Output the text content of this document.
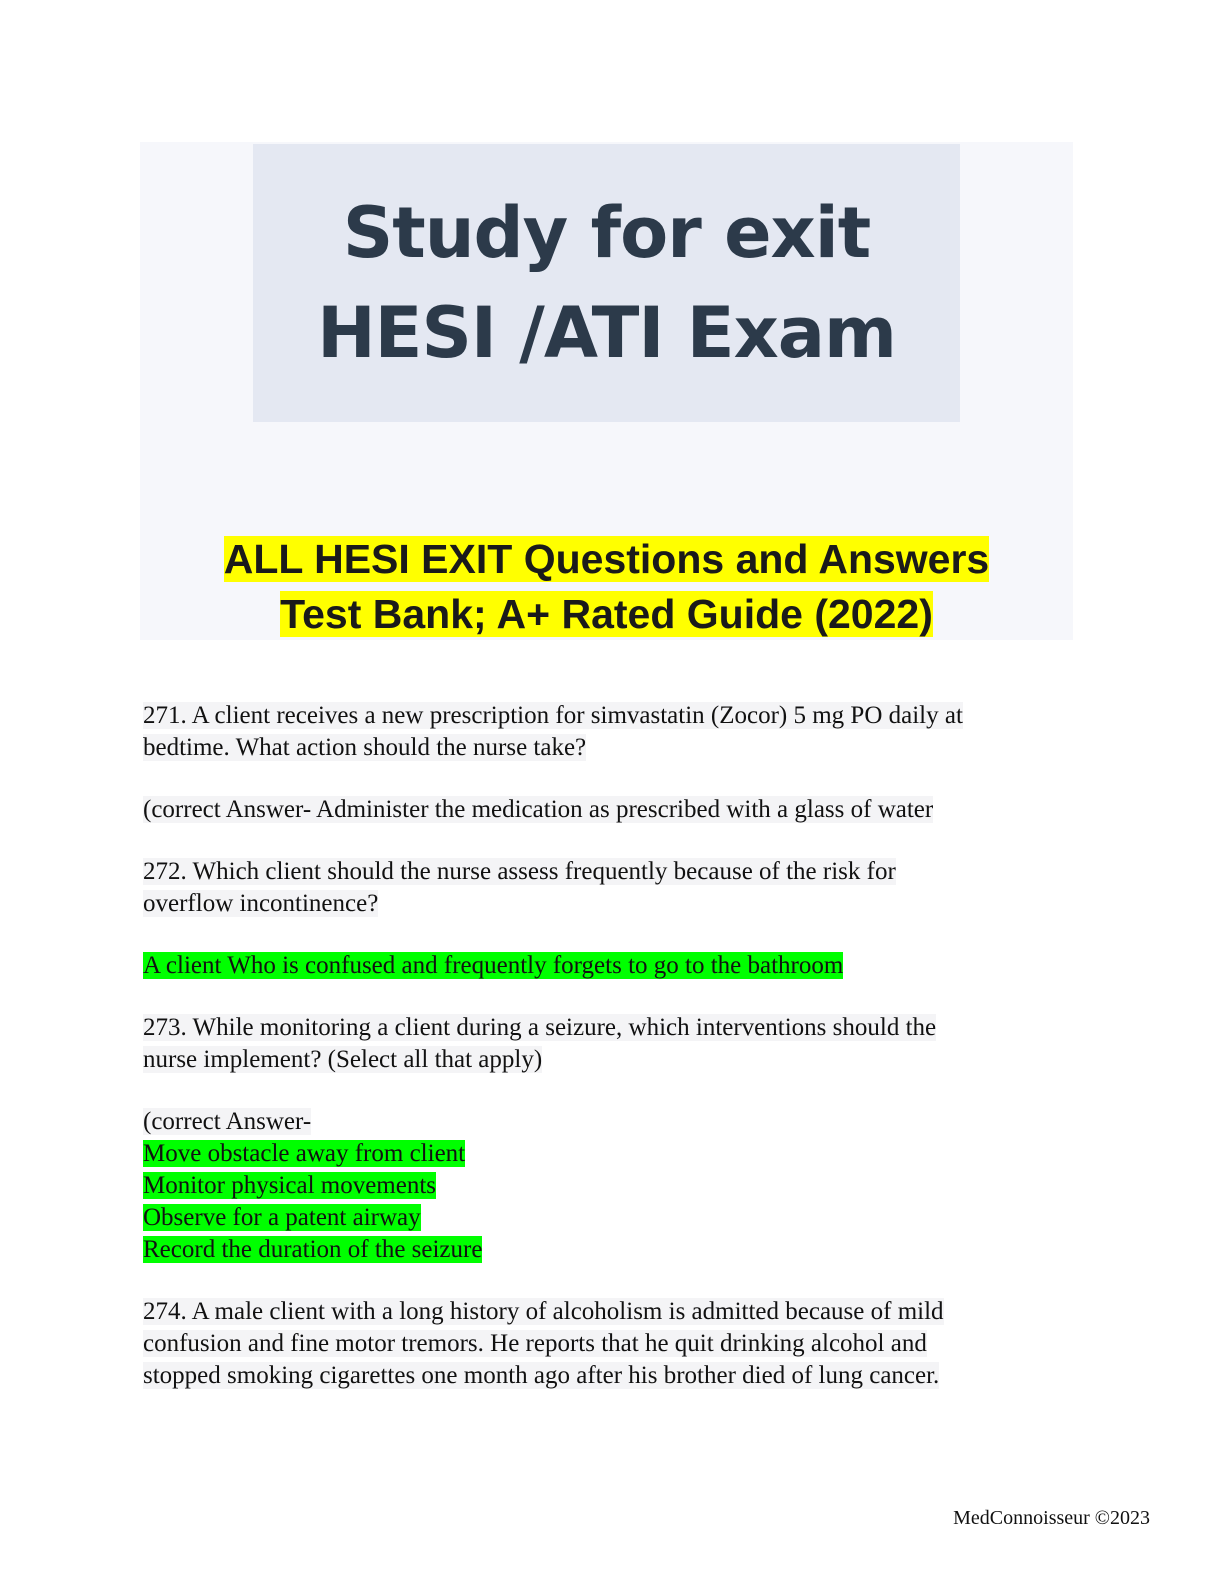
Study for exit
HESI /ATI Exam
ALL HESI EXIT Questions and Answers
Test Bank; A+ Rated Guide (2022)
271. A client receives a new prescription for simvastatin (Zocor) 5 mg PO daily at
bedtime. What action should the nurse take?
(correct Answer- Administer the medication as prescribed with a glass of water
272. Which client should the nurse assess frequently because of the risk for
overflow incontinence?
A client Who is confused and frequently forgets to go to the bathroom
273. While monitoring a client during a seizure, which interventions should the
nurse implement? (Select all that apply)
(correct Answer-
Move obstacle away from client
Monitor physical movements
Observe for a patent airway
Record the duration of the seizure
274. A male client with a long history of alcoholism is admitted because of mild
confusion and fine motor tremors. He reports that he quit drinking alcohol and
stopped smoking cigarettes one month ago after his brother died of lung cancer.
MedConnoisseur ©2023
